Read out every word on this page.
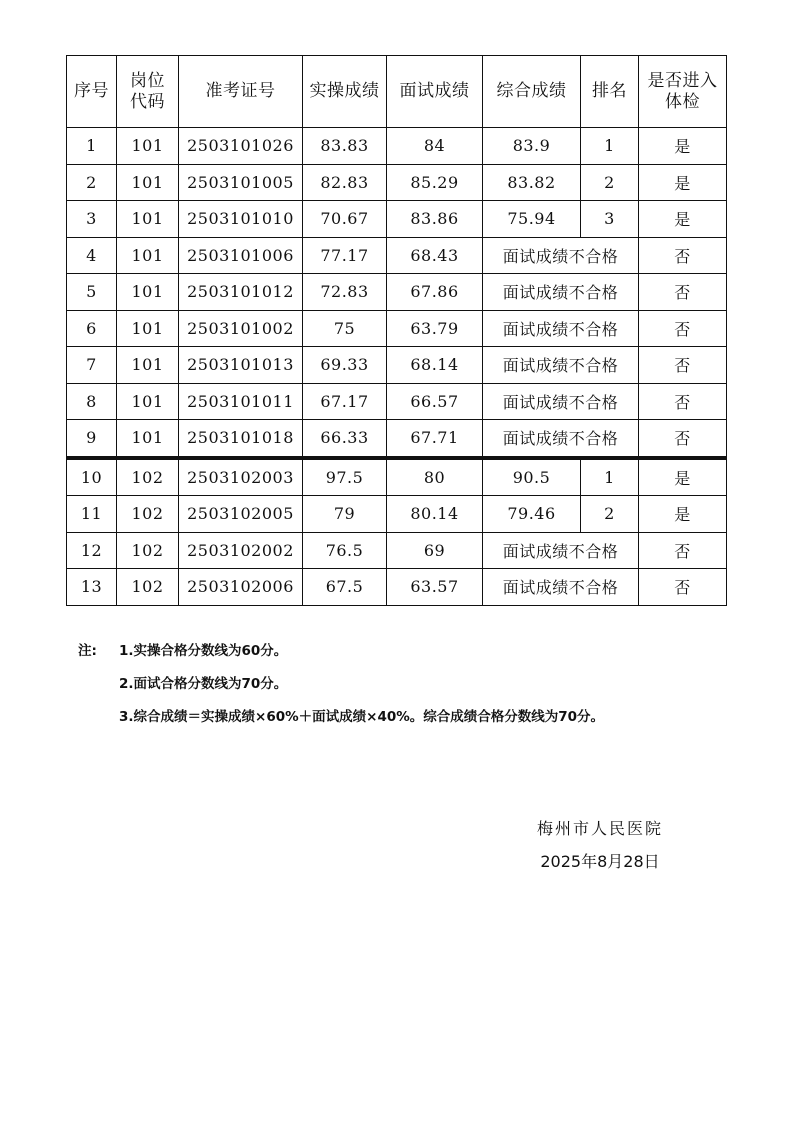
序号	岗位代码	准考证号	实操成绩	面试成绩	综合成绩	排名	是否进入体检
1	101	2503101026	83.83	84	83.9	1	是
2	101	2503101005	82.83	85.29	83.82	2	是
3	101	2503101010	70.67	83.86	75.94	3	是
4	101	2503101006	77.17	68.43	面试成绩不合格		否
5	101	2503101012	72.83	67.86	面试成绩不合格		否
6	101	2503101002	75	63.79	面试成绩不合格		否
7	101	2503101013	69.33	68.14	面试成绩不合格		否
8	101	2503101011	67.17	66.57	面试成绩不合格		否
9	101	2503101018	66.33	67.71	面试成绩不合格		否
10	102	2503102003	97.5	80	90.5	1	是
11	102	2503102005	79	80.14	79.46	2	是
12	102	2503102002	76.5	69	面试成绩不合格		否
13	102	2503102006	67.5	63.57	面试成绩不合格		否
注: 1.实操合格分数线为60分。
2.面试合格分数线为70分。
3.综合成绩＝实操成绩×60%＋面试成绩×40%。综合成绩合格分数线为70分。
梅州市人民医院
2025年8月28日
